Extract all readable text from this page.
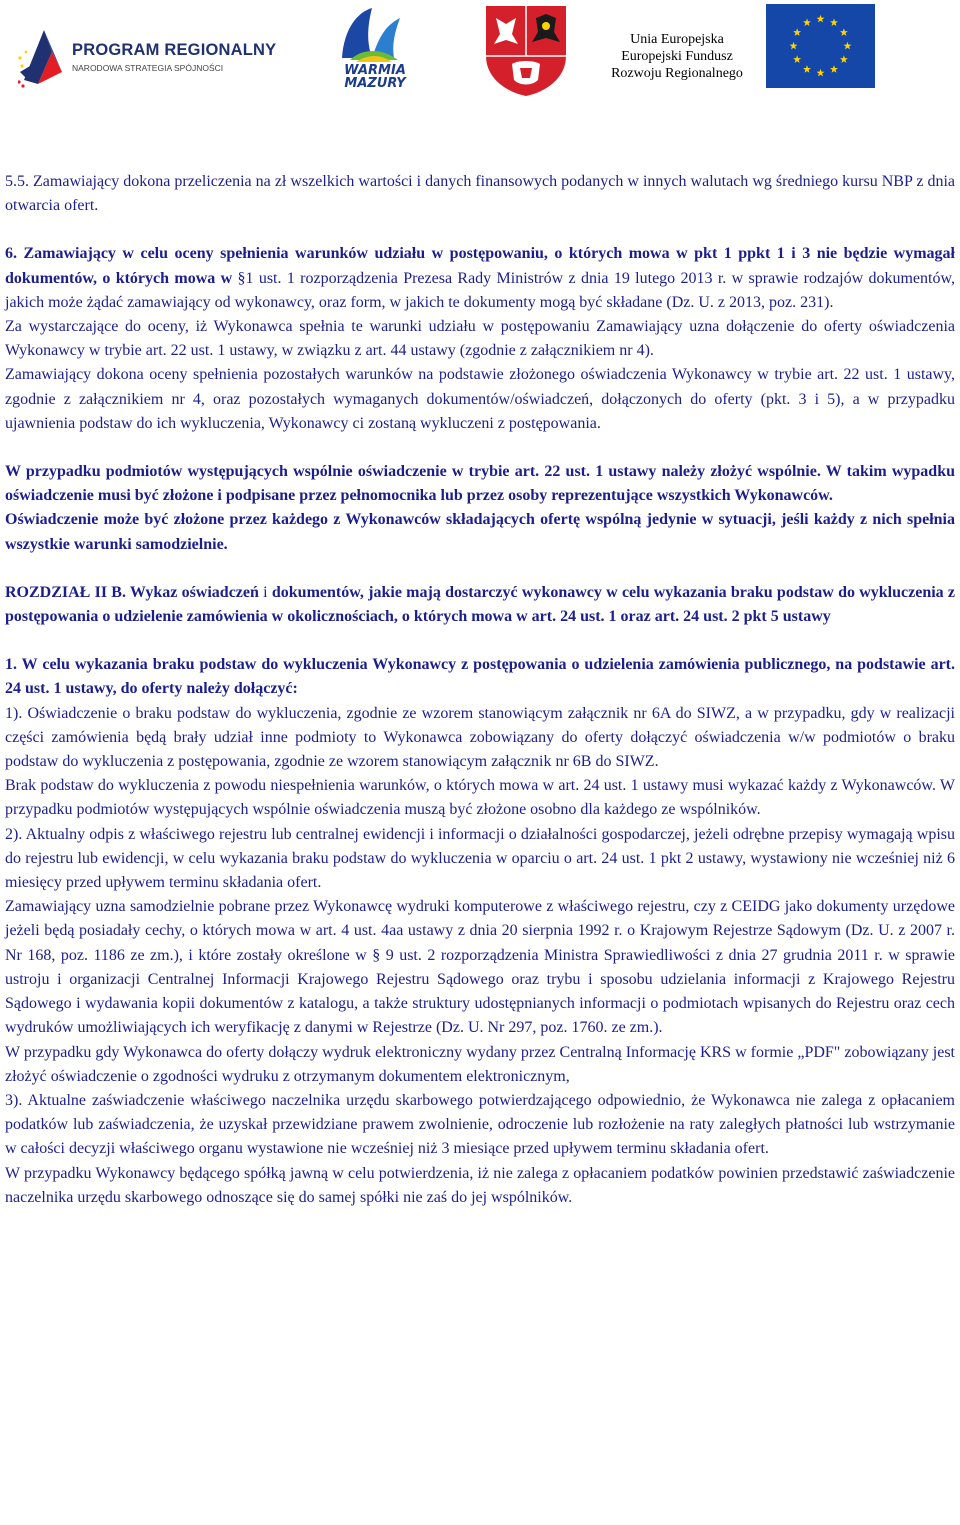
PROGRAM REGIONALNY
NARODOWA STRATEGIA SPÓJNOŚCI	WARMIA
MAZURY
Unia Europejska
Europejski Fundusz
Rozwoju Regionalnego

5.5. Zamawiający dokona przeliczenia na zł wszelkich wartości i danych finansowych podanych w innych walutach wg średniego kursu NBP z dnia otwarcia ofert.

6. Zamawiający w celu oceny spełnienia warunków udziału w postępowaniu, o których mowa w pkt 1 ppkt 1 i 3 nie będzie wymagał dokumentów, o których mowa w §1 ust. 1 rozporządzenia Prezesa Rady Ministrów z dnia 19 lutego 2013 r. w sprawie rodzajów dokumentów, jakich może żądać zamawiający od wykonawcy, oraz form, w jakich te dokumenty mogą być składane (Dz. U. z 2013, poz. 231).

Za wystarczające do oceny, iż Wykonawca spełnia te warunki udziału w postępowaniu Zamawiający uzna dołączenie do oferty oświadczenia Wykonawcy w trybie art. 22 ust. 1 ustawy, w związku z art. 44 ustawy (zgodnie z załącznikiem nr 4).

Zamawiający dokona oceny spełnienia pozostałych warunków na podstawie złożonego oświadczenia Wykonawcy w trybie art. 22 ust. 1 ustawy, zgodnie z załącznikiem nr 4, oraz pozostałych wymaganych dokumentów/oświadczeń, dołączonych do oferty (pkt. 3 i 5), a w przypadku ujawnienia podstaw do ich wykluczenia, Wykonawcy ci zostaną wykluczeni z postępowania.

W przypadku podmiotów występujących wspólnie oświadczenie w trybie art. 22 ust. 1 ustawy należy złożyć wspólnie. W takim wypadku oświadczenie musi być złożone i podpisane przez pełnomocnika lub przez osoby reprezentujące wszystkich Wykonawców.

Oświadczenie może być złożone przez każdego z Wykonawców składających ofertę wspólną jedynie w sytuacji, jeśli każdy z nich spełnia wszystkie warunki samodzielnie.

ROZDZIAŁ II B. Wykaz oświadczeń i dokumentów, jakie mają dostarczyć wykonawcy w celu wykazania braku podstaw do wykluczenia z postępowania o udzielenie zamówienia w okolicznościach, o których mowa w art. 24 ust. 1 oraz art. 24 ust. 2 pkt 5 ustawy

1. W celu wykazania braku podstaw do wykluczenia Wykonawcy z postępowania o udzielenia zamówienia publicznego, na podstawie art. 24 ust. 1 ustawy, do oferty należy dołączyć:

1). Oświadczenie o braku podstaw do wykluczenia, zgodnie ze wzorem stanowiącym załącznik nr 6A do SIWZ, a w przypadku, gdy w realizacji części zamówienia będą brały udział inne podmioty to Wykonawca zobowiązany do oferty dołączyć oświadczenia w/w podmiotów o braku podstaw do wykluczenia z postępowania, zgodnie ze wzorem stanowiącym załącznik nr 6B do SIWZ.

Brak podstaw do wykluczenia z powodu niespełnienia warunków, o których mowa w art. 24 ust. 1 ustawy musi wykazać każdy z Wykonawców. W przypadku podmiotów występujących wspólnie oświadczenia muszą być złożone osobno dla każdego ze wspólników.

2). Aktualny odpis z właściwego rejestru lub centralnej ewidencji i informacji o działalności gospodarczej, jeżeli odrębne przepisy wymagają wpisu do rejestru lub ewidencji, w celu wykazania braku podstaw do wykluczenia w oparciu o art. 24 ust. 1 pkt 2 ustawy, wystawiony nie wcześniej niż 6 miesięcy przed upływem terminu składania ofert.

Zamawiający uzna samodzielnie pobrane przez Wykonawcę wydruki komputerowe z właściwego rejestru, czy z CEIDG jako dokumenty urzędowe jeżeli będą posiadały cechy, o których mowa w art. 4 ust. 4aa ustawy z dnia 20 sierpnia 1992 r. o Krajowym Rejestrze Sądowym (Dz. U. z 2007 r. Nr 168, poz. 1186 ze zm.), i które zostały określone w § 9 ust. 2 rozporządzenia Ministra Sprawiedliwości z dnia 27 grudnia 2011 r. w sprawie ustroju i organizacji Centralnej Informacji Krajowego Rejestru Sądowego oraz trybu i sposobu udzielania informacji z Krajowego Rejestru Sądowego i wydawania kopii dokumentów z katalogu, a także struktury udostępnianych informacji o podmiotach wpisanych do Rejestru oraz cech wydruków umożliwiających ich weryfikację z danymi w Rejestrze (Dz. U. Nr 297, poz. 1760. ze zm.).

W przypadku gdy Wykonawca do oferty dołączy wydruk elektroniczny wydany przez Centralną Informację KRS w formie „PDF" zobowiązany jest złożyć oświadczenie o zgodności wydruku z otrzymanym dokumentem elektronicznym,

3). Aktualne zaświadczenie właściwego naczelnika urzędu skarbowego potwierdzającego odpowiednio, że Wykonawca nie zalega z opłacaniem podatków lub zaświadczenia, że uzyskał przewidziane prawem zwolnienie, odroczenie lub rozłożenie na raty zaległych płatności lub wstrzymanie w całości decyzji właściwego organu wystawione nie wcześniej niż 3 miesiące przed upływem terminu składania ofert.

W przypadku Wykonawcy będącego spółką jawną w celu potwierdzenia, iż nie zalega z opłacaniem podatków powinien przedstawić zaświadczenie naczelnika urzędu skarbowego odnoszące się do samej spółki nie zaś do jej wspólników.
